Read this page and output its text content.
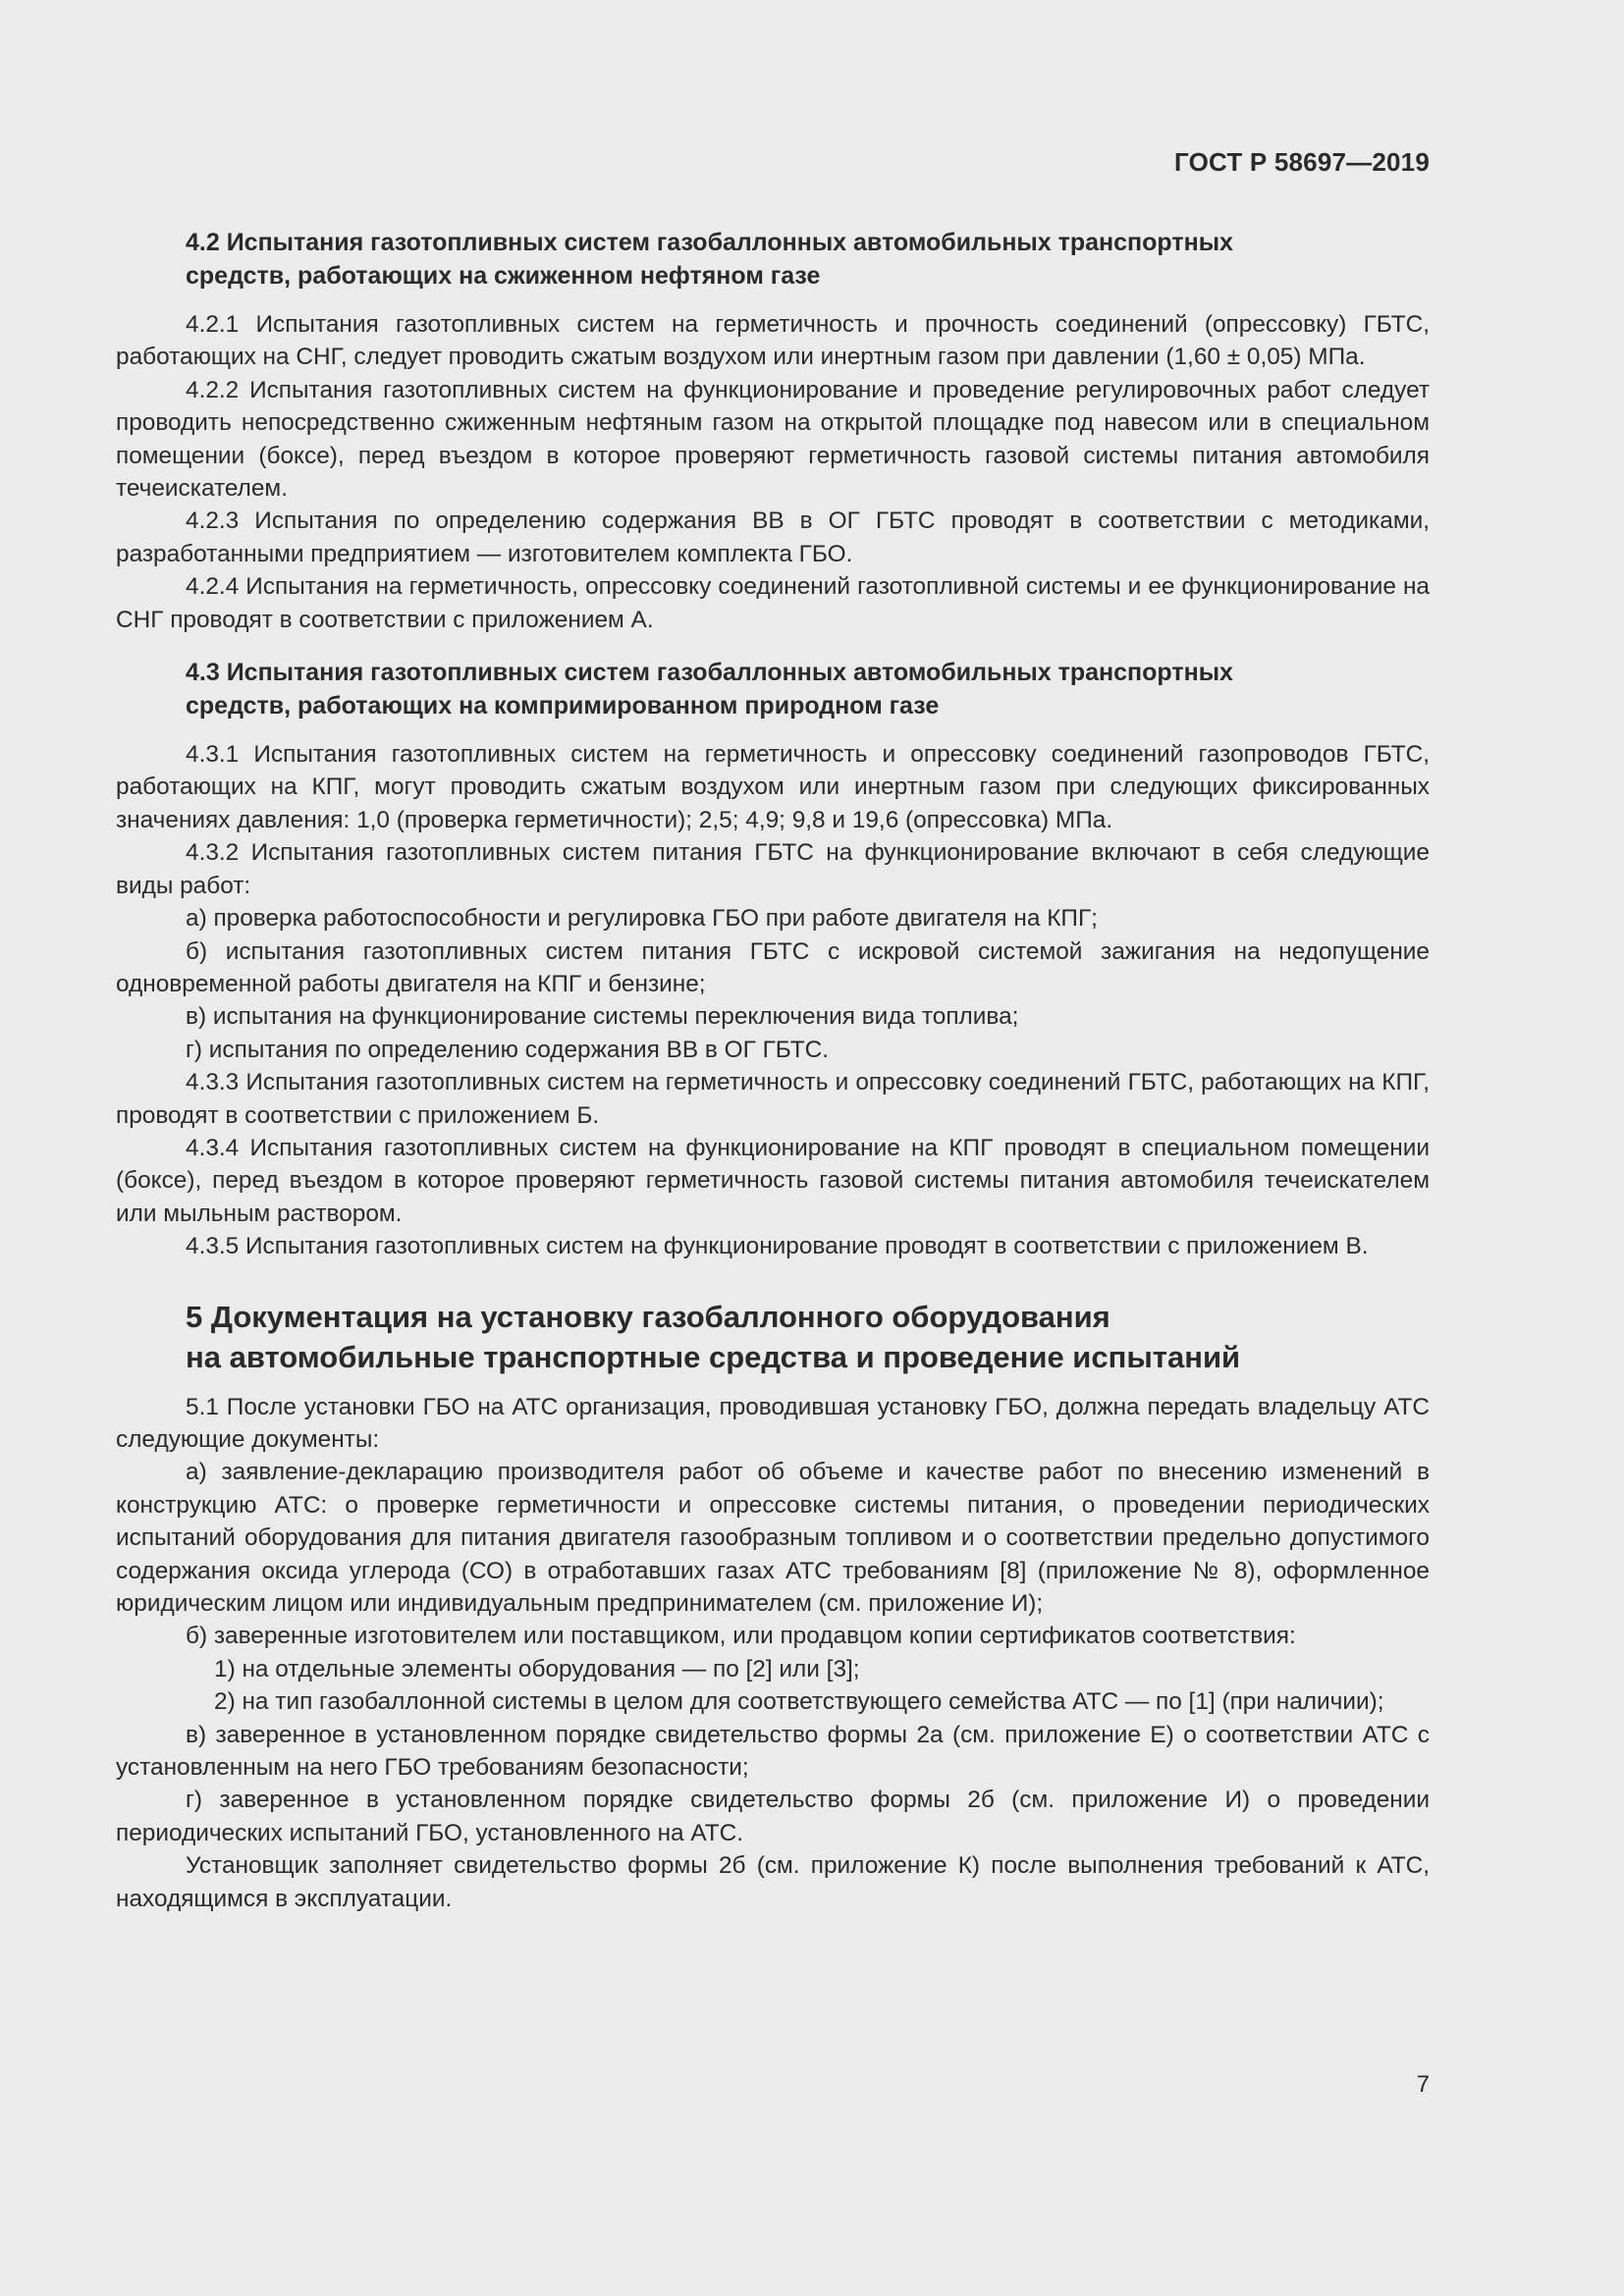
ГОСТ Р 58697—2019
4.2 Испытания газотопливных систем газобаллонных автомобильных транспортных
средств, работающих на сжиженном нефтяном газе

4.2.1 Испытания газотопливных систем на герметичность и прочность соединений (опрессовку) ГБТС, работающих на СНГ, следует проводить сжатым воздухом или инертным газом при давлении (1,60 ± 0,05) МПа.

4.2.2 Испытания газотопливных систем на функционирование и проведение регулировочных работ следует проводить непосредственно сжиженным нефтяным газом на открытой площадке под навесом или в специальном помещении (боксе), перед въездом в которое проверяют герметичность газовой системы питания автомобиля течеискателем.

4.2.3 Испытания по определению содержания ВВ в ОГ ГБТС проводят в соответствии с методиками, разработанными предприятием — изготовителем комплекта ГБО.

4.2.4 Испытания на герметичность, опрессовку соединений газотопливной системы и ее функционирование на СНГ проводят в соответствии с приложением А.

4.3 Испытания газотопливных систем газобаллонных автомобильных транспортных
средств, работающих на компримированном природном газе

4.3.1 Испытания газотопливных систем на герметичность и опрессовку соединений газопроводов ГБТС, работающих на КПГ, могут проводить сжатым воздухом или инертным газом при следующих фиксированных значениях давления: 1,0 (проверка герметичности); 2,5; 4,9; 9,8 и 19,6 (опрессовка) МПа.

4.3.2 Испытания газотопливных систем питания ГБТС на функционирование включают в себя следующие виды работ:

а) проверка работоспособности и регулировка ГБО при работе двигателя на КПГ;

б) испытания газотопливных систем питания ГБТС с искровой системой зажигания на недопущение одновременной работы двигателя на КПГ и бензине;

в) испытания на функционирование системы переключения вида топлива;

г) испытания по определению содержания ВВ в ОГ ГБТС.

4.3.3 Испытания газотопливных систем на герметичность и опрессовку соединений ГБТС, работающих на КПГ, проводят в соответствии с приложением Б.

4.3.4 Испытания газотопливных систем на функционирование на КПГ проводят в специальном помещении (боксе), перед въездом в которое проверяют герметичность газовой системы питания автомобиля течеискателем или мыльным раствором.

4.3.5 Испытания газотопливных систем на функционирование проводят в соответствии с приложением В.

5 Документация на установку газобаллонного оборудования
на автомобильные транспортные средства и проведение испытаний

5.1 После установки ГБО на АТС организация, проводившая установку ГБО, должна передать владельцу АТС следующие документы:

а) заявление-декларацию производителя работ об объеме и качестве работ по внесению изменений в конструкцию АТС: о проверке герметичности и опрессовке системы питания, о проведении периодических испытаний оборудования для питания двигателя газообразным топливом и о соответствии предельно допустимого содержания оксида углерода (СО) в отработавших газах АТС требованиям [8] (приложение № 8), оформленное юридическим лицом или индивидуальным предпринимателем (см. приложение И);

б) заверенные изготовителем или поставщиком, или продавцом копии сертификатов соответствия:

1) на отдельные элементы оборудования — по [2] или [3];

2) на тип газобаллонной системы в целом для соответствующего семейства АТС — по [1] (при наличии);

в) заверенное в установленном порядке свидетельство формы 2а (см. приложение Е) о соответствии АТС с установленным на него ГБО требованиям безопасности;

г) заверенное в установленном порядке свидетельство формы 2б (см. приложение И) о проведении периодических испытаний ГБО, установленного на АТС.

Установщик заполняет свидетельство формы 2б (см. приложение К) после выполнения требований к АТС, находящимся в эксплуатации.

7
